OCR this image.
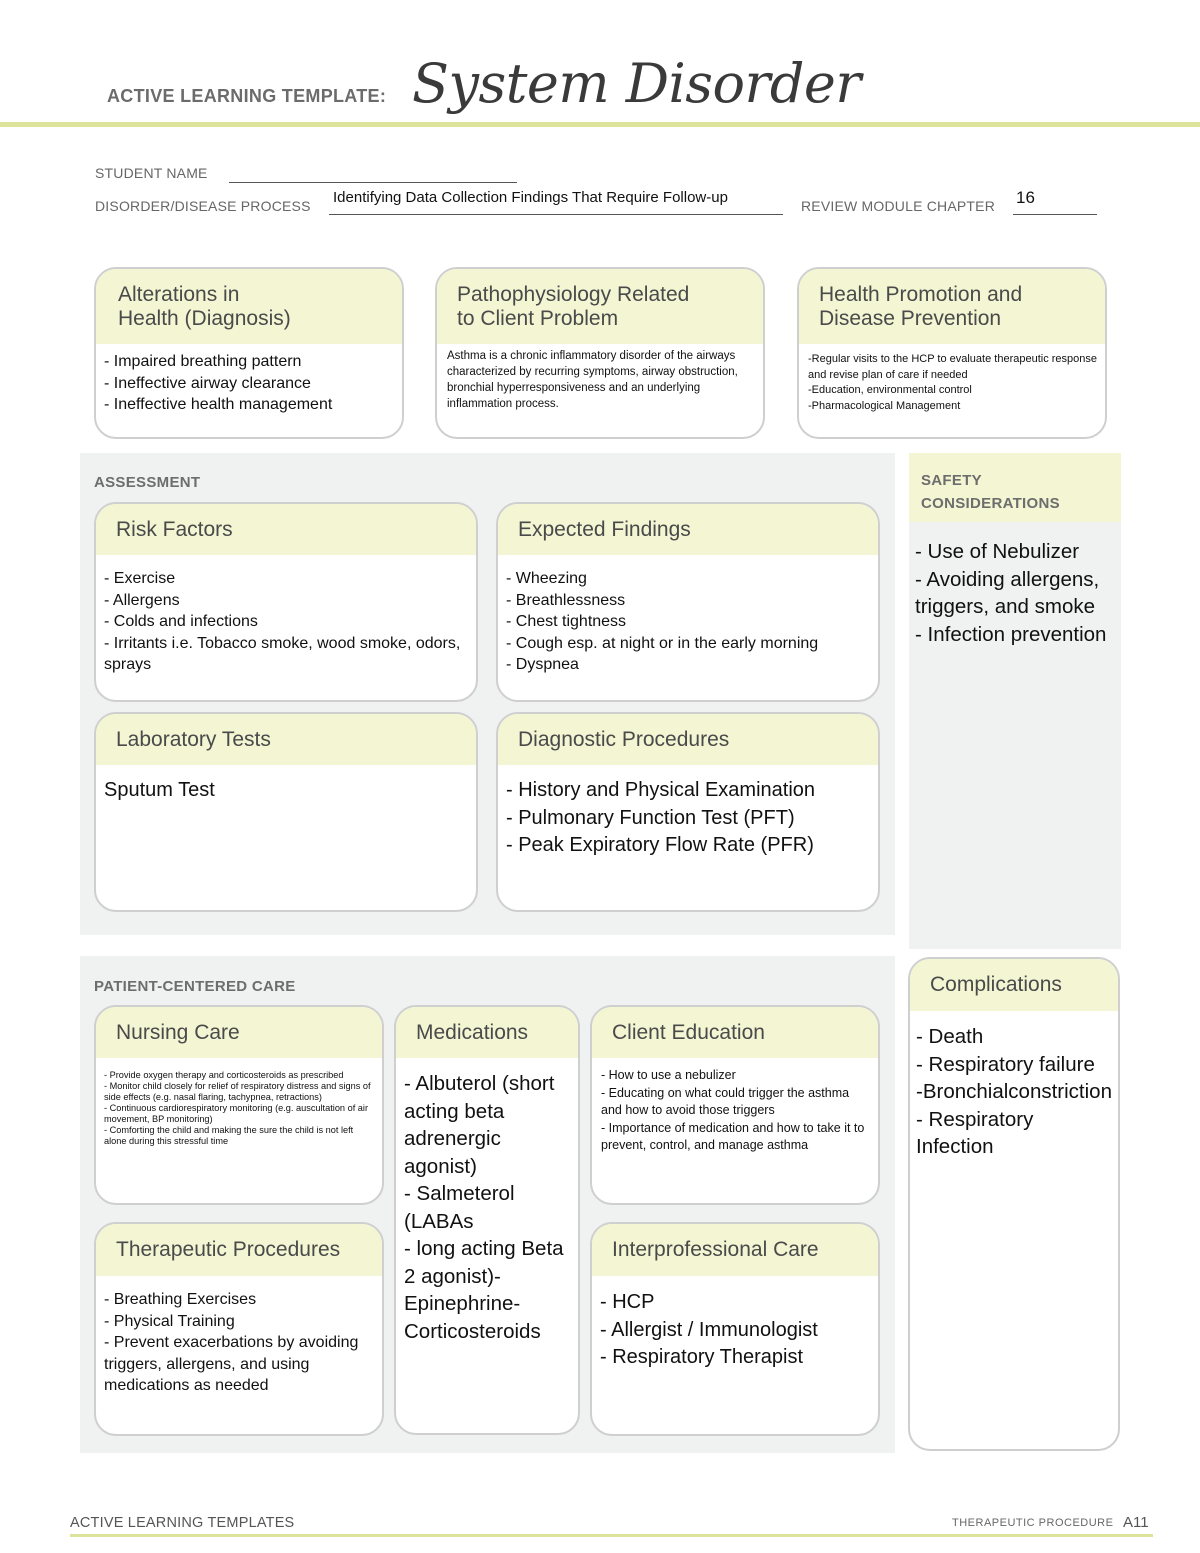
ACTIVE LEARNING TEMPLATE: System Disorder
STUDENT NAME
DISORDER/DISEASE PROCESS Identifying Data Collection Findings That Require Follow-up	REVIEW MODULE CHAPTER 16
Alterations in
Health (Diagnosis)
- Impaired breathing pattern
- Ineffective airway clearance
- Ineffective health management
Pathophysiology Related
to Client Problem
Asthma is a chronic inflammatory disorder of the airways characterized by recurring symptoms, airway obstruction, bronchial hyperresponsiveness and an underlying inflammation process.
Health Promotion and
Disease Prevention
-Regular visits to the HCP to evaluate therapeutic response and revise plan of care if needed
-Education, environmental control
-Pharmacological Management
ASSESSMENT
Risk Factors
- Exercise
- Allergens
- Colds and infections
- Irritants i.e. Tobacco smoke, wood smoke, odors, sprays
Expected Findings
- Wheezing
- Breathlessness
- Chest tightness
- Cough esp. at night or in the early morning
- Dyspnea
Laboratory Tests
Sputum Test
Diagnostic Procedures
- History and Physical Examination
- Pulmonary Function Test (PFT)
- Peak Expiratory Flow Rate (PFR)
SAFETY
CONSIDERATIONS
- Use of Nebulizer
- Avoiding allergens, triggers, and smoke
- Infection prevention
PATIENT-CENTERED CARE
Nursing Care
- Provide oxygen therapy and corticosteroids as prescribed
- Monitor child closely for relief of respiratory distress and signs of side effects (e.g. nasal flaring, tachypnea, retractions)
- Continuous cardiorespiratory monitoring (e.g. auscultation of air movement, BP monitoring)
- Comforting the child and making the sure the child is not left alone during this stressful time
Medications
- Albuterol (short acting beta adrenergic agonist)
- Salmeterol (LABAs
- long acting Beta 2 agonist)-
Epinephrine-
Corticosteroids
Client Education
- How to use a nebulizer
- Educating on what could trigger the asthma and how to avoid those triggers
- Importance of medication and how to take it to prevent, control, and manage asthma
Therapeutic Procedures
- Breathing Exercises
- Physical Training
- Prevent exacerbations by avoiding triggers, allergens, and using medications as needed
Interprofessional Care
- HCP
- Allergist / Immunologist
- Respiratory Therapist
Complications
- Death
- Respiratory failure
-Bronchialconstriction
- Respiratory Infection
ACTIVE LEARNING TEMPLATES	THERAPEUTIC PROCEDURE A11
